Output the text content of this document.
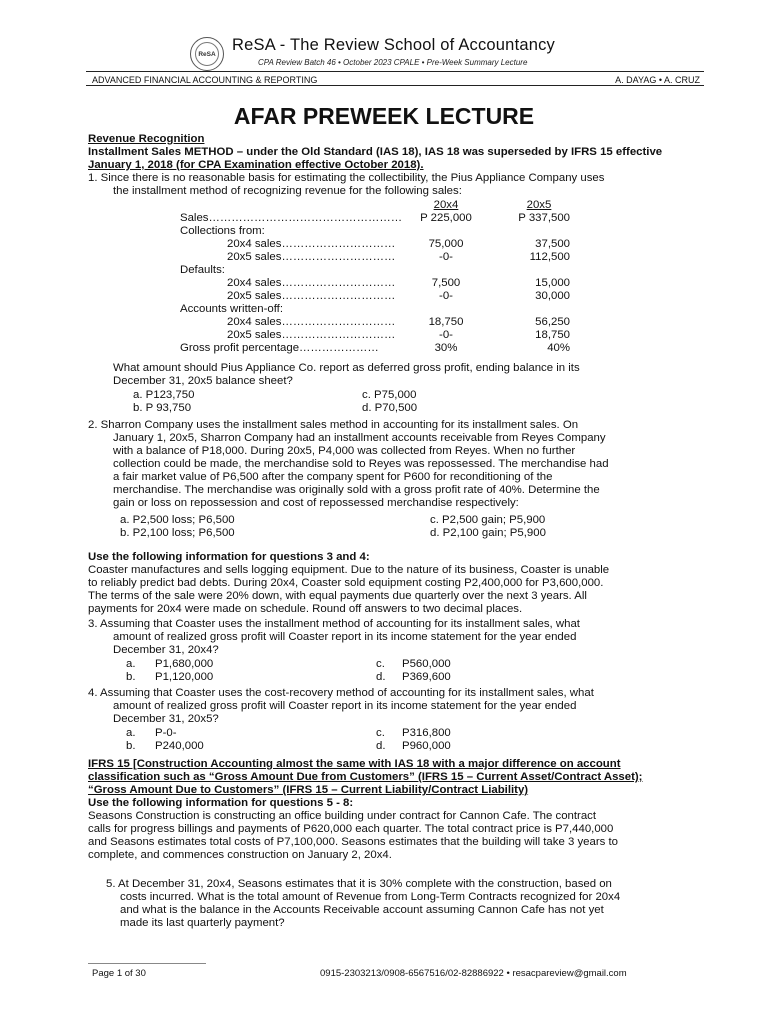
ReSA ReSA - The Review School of Accountancy
CPA Review Batch 46 • October 2023 CPALE • Pre-Week Summary Lecture
ADVANCED FINANCIAL ACCOUNTING & REPORTING	A. DAYAG • A. CRUZ
AFAR PREWEEK LECTURE
Revenue Recognition
Installment Sales METHOD – under the Old Standard (IAS 18), IAS 18 was superseded by IFRS 15 effective
January 1, 2018 (for CPA Examination effective October 2018).
1. Since there is no reasonable basis for estimating the collectibility, the Pius Appliance Company uses
the installment method of recognizing revenue for the following sales:
20x4	20x5
Sales……………………………………………	P 225,000	P 337,500
Collections from:
20x4 sales…………………………	75,000	37,500
20x5 sales…………………………	-0-	112,500
Defaults:
20x4 sales…………………………	7,500	15,000
20x5 sales…………………………	-0-	30,000
Accounts written-off:
20x4 sales…………………………	18,750	56,250
20x5 sales…………………………	-0-	18,750
Gross profit percentage…………………	30%	40%
What amount should Pius Appliance Co. report as deferred gross profit, ending balance in its
December 31, 20x5 balance sheet?
a. P123,750	c. P75,000
b. P 93,750	d. P70,500
2. Sharron Company uses the installment sales method in accounting for its installment sales. On
January 1, 20x5, Sharron Company had an installment accounts receivable from Reyes Company
with a balance of P18,000. During 20x5, P4,000 was collected from Reyes. When no further
collection could be made, the merchandise sold to Reyes was repossessed. The merchandise had
a fair market value of P6,500 after the company spent for P600 for reconditioning of the
merchandise. The merchandise was originally sold with a gross profit rate of 40%. Determine the
gain or loss on repossession and cost of repossessed merchandise respectively:
a. P2,500 loss; P6,500	c. P2,500 gain; P5,900
b. P2,100 loss; P6,500	d. P2,100 gain; P5,900
Use the following information for questions 3 and 4:
Coaster manufactures and sells logging equipment. Due to the nature of its business, Coaster is unable
to reliably predict bad debts. During 20x4, Coaster sold equipment costing P2,400,000 for P3,600,000.
The terms of the sale were 20% down, with equal payments due quarterly over the next 3 years. All
payments for 20x4 were made on schedule. Round off answers to two decimal places.
3. Assuming that Coaster uses the installment method of accounting for its installment sales, what
amount of realized gross profit will Coaster report in its income statement for the year ended
December 31, 20x4?
a. P1,680,000	c. P560,000
b. P1,120,000	d. P369,600
4. Assuming that Coaster uses the cost-recovery method of accounting for its installment sales, what
amount of realized gross profit will Coaster report in its income statement for the year ended
December 31, 20x5?
a. P-0-	c. P316,800
b. P240,000	d. P960,000
IFRS 15 [Construction Accounting almost the same with IAS 18 with a major difference on account
classification such as “Gross Amount Due from Customers” (IFRS 15 – Current Asset/Contract Asset);
“Gross Amount Due to Customers” (IFRS 15 – Current Liability/Contract Liability)
Use the following information for questions 5 - 8:
Seasons Construction is constructing an office building under contract for Cannon Cafe. The contract
calls for progress billings and payments of P620,000 each quarter. The total contract price is P7,440,000
and Seasons estimates total costs of P7,100,000. Seasons estimates that the building will take 3 years to
complete, and commences construction on January 2, 20x4.
5. At December 31, 20x4, Seasons estimates that it is 30% complete with the construction, based on
costs incurred. What is the total amount of Revenue from Long-Term Contracts recognized for 20x4
and what is the balance in the Accounts Receivable account assuming Cannon Cafe has not yet
made its last quarterly payment?
Page 1 of 30	0915-2303213/0908-6567516/02-82886922 • resacpareview@gmail.com
